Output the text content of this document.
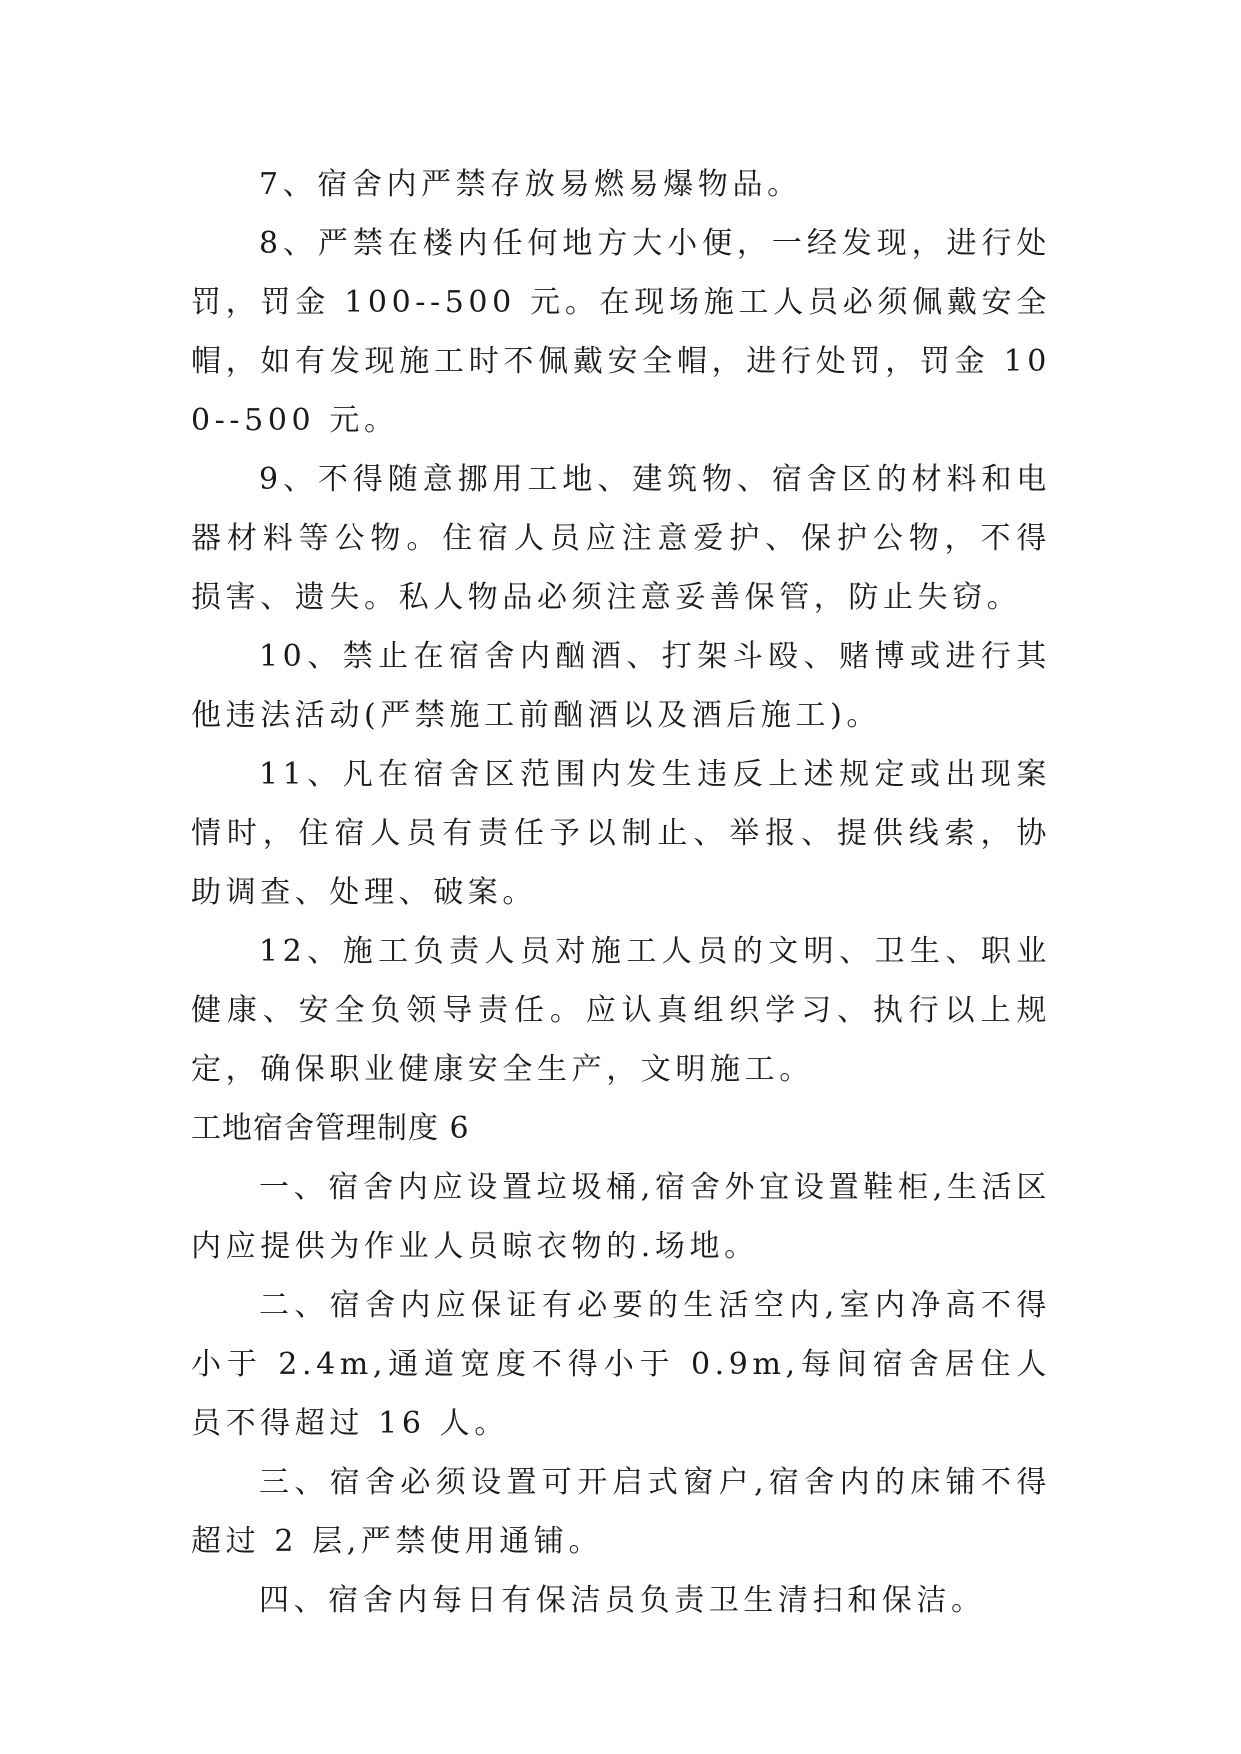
7、宿舍内严禁存放易燃易爆物品。

8、严禁在楼内任何地方大小便，一经发现，进行处罚，罚金 100--500 元。在现场施工人员必须佩戴安全帽，如有发现施工时不佩戴安全帽，进行处罚，罚金 100--500 元。

9、不得随意挪用工地、建筑物、宿舍区的材料和电器材料等公物。住宿人员应注意爱护、保护公物，不得损害、遗失。私人物品必须注意妥善保管，防止失窃。

10、禁止在宿舍内酗酒、打架斗殴、赌博或进行其他违法活动(严禁施工前酗酒以及酒后施工)。

11、凡在宿舍区范围内发生违反上述规定或出现案情时，住宿人员有责任予以制止、举报、提供线索，协助调查、处理、破案。

12、施工负责人员对施工人员的文明、卫生、职业健康、安全负领导责任。应认真组织学习、执行以上规定，确保职业健康安全生产，文明施工。

工地宿舍管理制度 6

一、宿舍内应设置垃圾桶,宿舍外宜设置鞋柜,生活区内应提供为作业人员晾衣物的.场地。

二、宿舍内应保证有必要的生活空内,室内净高不得小于 2.4m,通道宽度不得小于 0.9m,每间宿舍居住人员不得超过 16 人。

三、宿舍必须设置可开启式窗户,宿舍内的床铺不得超过 2 层,严禁使用通铺。

四、宿舍内每日有保洁员负责卫生清扫和保洁。
